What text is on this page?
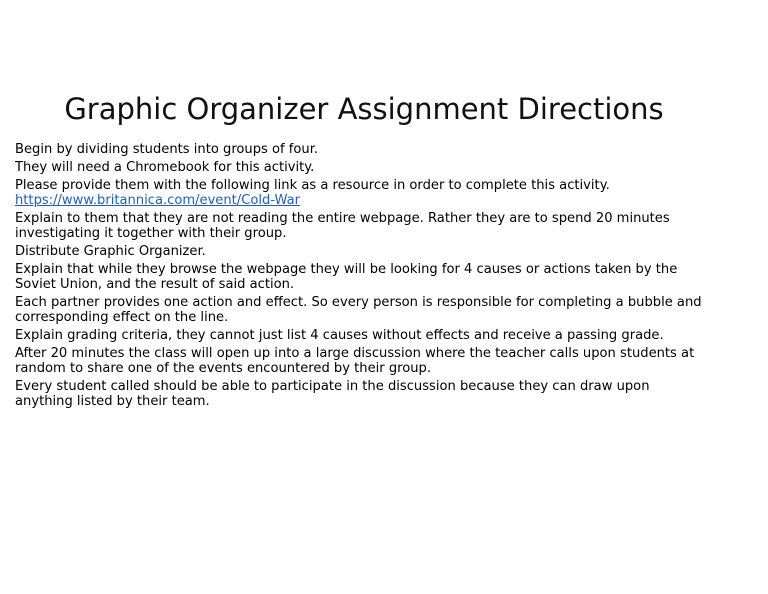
Graphic Organizer Assignment Directions

Begin by dividing students into groups of four.

They will need a Chromebook for this activity.

Please provide them with the following link as a resource in order to complete this activity.
https://www.britannica.com/event/Cold-War

Explain to them that they are not reading the entire webpage. Rather they are to spend 20 minutes investigating it together with their group.

Distribute Graphic Organizer.

Explain that while they browse the webpage they will be looking for 4 causes or actions taken by the Soviet Union, and the result of said action.

Each partner provides one action and effect. So every person is responsible for completing a bubble and corresponding effect on the line.

Explain grading criteria, they cannot just list 4 causes without effects and receive a passing grade.

After 20 minutes the class will open up into a large discussion where the teacher calls upon students at random to share one of the events encountered by their group.

Every student called should be able to participate in the discussion because they can draw upon anything listed by their team.
